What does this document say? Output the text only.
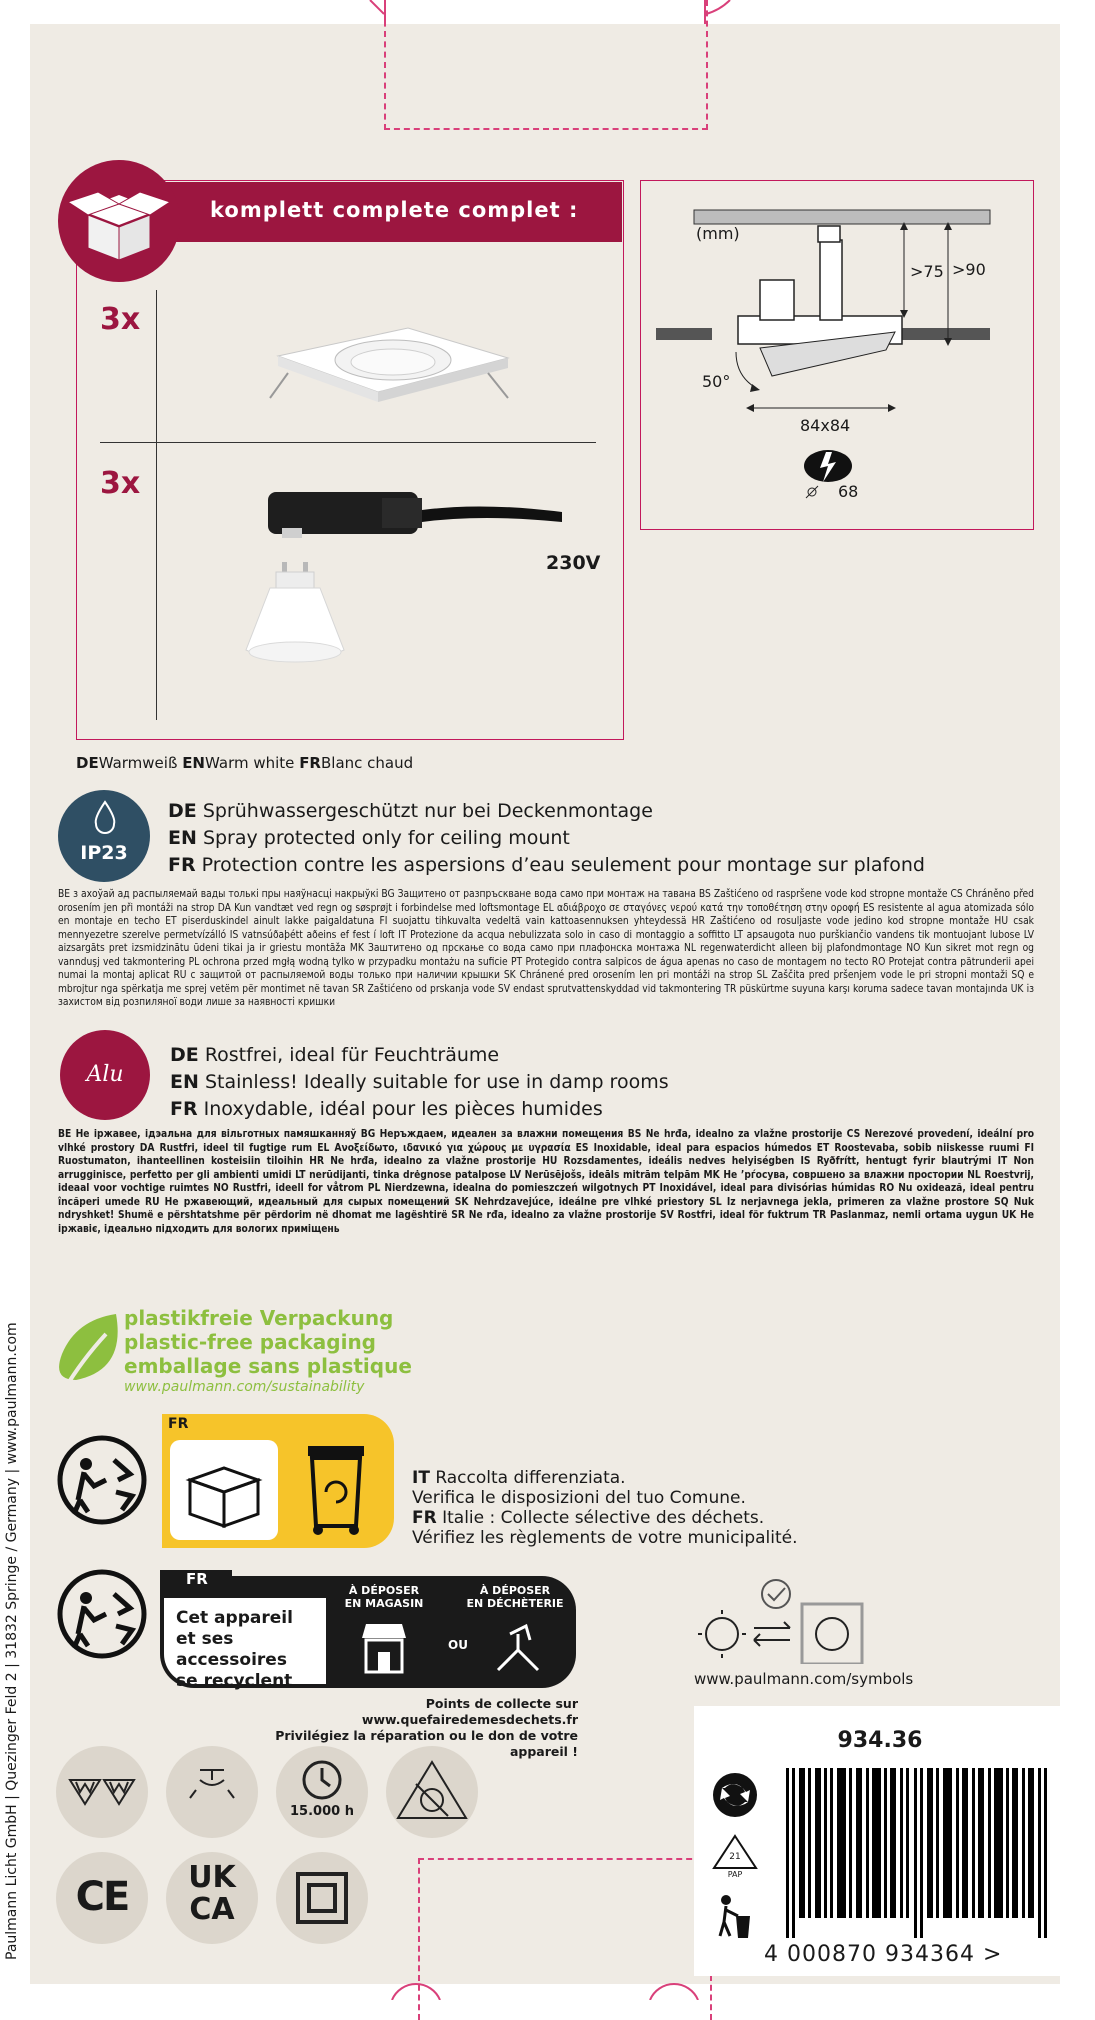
komplett complete complet :
3x
3x
230V
(mm)
>75 >90
50°
84x84
68
DEWarmweiß ENWarm white FRBlanc chaud
IP23
DE Sprühwassergeschützt nur bei Deckenmontage
EN Spray protected only for ceiling mount
FR Protection contre les aspersions d’eau seulement pour montage sur plafond
BE з ахоўай ад распыляемай вады толькі пры наяўнасці накрыўкі BG Защитено от разпръскване вода само при монтаж на тавана BS Zaštićeno od raspršene vode kod stropne montaže CS Chráněno před orosením jen při montáži na strop DA Kun vandtæt ved regn og søsprøjt i forbindelse med loftsmontage EL αδιάβροχο σε σταγόνες νερού κατά την τοποθέτηση στην οροφή ES resistente al agua atomizada sólo en montaje en techo ET piserduskindel ainult lakke paigaldatuna FI suojattu tihkuvalta vedeltä vain kattoasennuksen yhteydessä HR Zaštićeno od rosuljaste vode jedino kod stropne montaže HU csak mennyezetre szerelve permetvízálló IS vatnsúðaþétt aðeins ef fest í loft IT Protezione da acqua nebulizzata solo in caso di montaggio a soffitto LT apsaugota nuo purškiančio vandens tik montuojant lubose LV aizsargāts pret izsmidzinātu ūdeni tikai ja ir griestu montāža MK Заштитено од прскање со вода само при плафонска монтажа NL regenwaterdicht alleen bij plafondmontage NO Kun sikret mot regn og vannduşj ved takmontering PL ochrona przed mgłą wodną tylko w przypadku montażu na suficie PT Protegido contra salpicos de água apenas no caso de montagem no tecto RO Protejat contra pătrunderii apei numai la montaj aplicat RU с защитой от распыляемой воды только при наличии крышки SK Chránené pred orosením len pri montáži na strop SL Zaščita pred pršenjem vode le pri stropni montaži SQ e mbrojtur nga spërkatja me sprej vetëm për montimet në tavan SR Zaštićeno od prskanja vode SV endast sprutvattenskyddad vid takmontering TR püskürtme suyuna karşı koruma sadece tavan montajında UK із захистом від розпиляної води лише за наявності кришки
Alu
DE Rostfrei, ideal für Feuchträume
EN Stainless! Ideally suitable for use in damp rooms
FR Inoxydable, idéal pour les pièces humides
BE Не іржавее, ідэальна для вільготных памяшканняў BG Неръждаем, идеален за влажни помещения BS Ne hrđa, idealno za vlažne prostorije CS Nerezové provedení, ideální pro vlhké prostory DA Rustfri, ideel til fugtige rum EL Ανοξείδωτο, ιδανικό για χώρους με υγρασία ES Inoxidable, ideal para espacios húmedos ET Roostevaba, sobib niiskesse ruumi FI Ruostumaton, ihanteellinen kosteisiin tiloihin HR Ne hrđa, idealno za vlažne prostorije HU Rozsdamentes, ideális nedves helyiségben IS Ryðfrítt, hentugt fyrir blautrými IT Non arrugginisce, perfetto per gli ambienti umidi LT nerūdijanti, tinka drėgnose patalpose LV Nerūsējošs, ideāls mitrām telpām MK Не ’рѓосува, совршено за влажни простории NL Roestvrij, ideaal voor vochtige ruimtes NO Rustfri, ideell for våtrom PL Nierdzewna, idealna do pomieszczeń wilgotnych PT Inoxidável, ideal para divisórias húmidas RO Nu oxidează, ideal pentru încăperi umede RU Не ржавеющий, идеальный для сырых помещений SK Nehrdzavejúce, ideálne pre vlhké priestory SL Iz nerjavnega jekla, primeren za vlažne prostore SQ Nuk ndryshket! Shumë e përshtatshme për përdorim në dhomat me lagështirë SR Ne rđa, idealno za vlažne prostorije SV Rostfri, ideal för fuktrum TR Paslanmaz, nemli ortama uygun UK Не іржавіє, ідеально підходить для вологих приміщень
plastikfreie Verpackung
plastic-free packaging
emballage sans plastique
www.paulmann.com/sustainability
FR
IT Raccolta differenziata.
Verifica le disposizioni del tuo Comune.
FR Italie : Collecte sélective des déchets.
Vérifiez les règlements de votre municipalité.
FR
Cet appareil
et ses accessoires
se recyclent
À DÉPOSER
EN MAGASIN
OU
À DÉPOSER
EN DÉCHÈTERIE
Points de collecte sur www.quefairedemesdechets.fr
Privilégiez la réparation ou le don de votre appareil !
www.paulmann.com/symbols
15.000 h
CE	UK
CA
934.36
21
PAP
4 000870 934364 >
Paulmann Licht GmbH | Quezinger Feld 2 | 31832 Springe / Germany | www.paulmann.com
